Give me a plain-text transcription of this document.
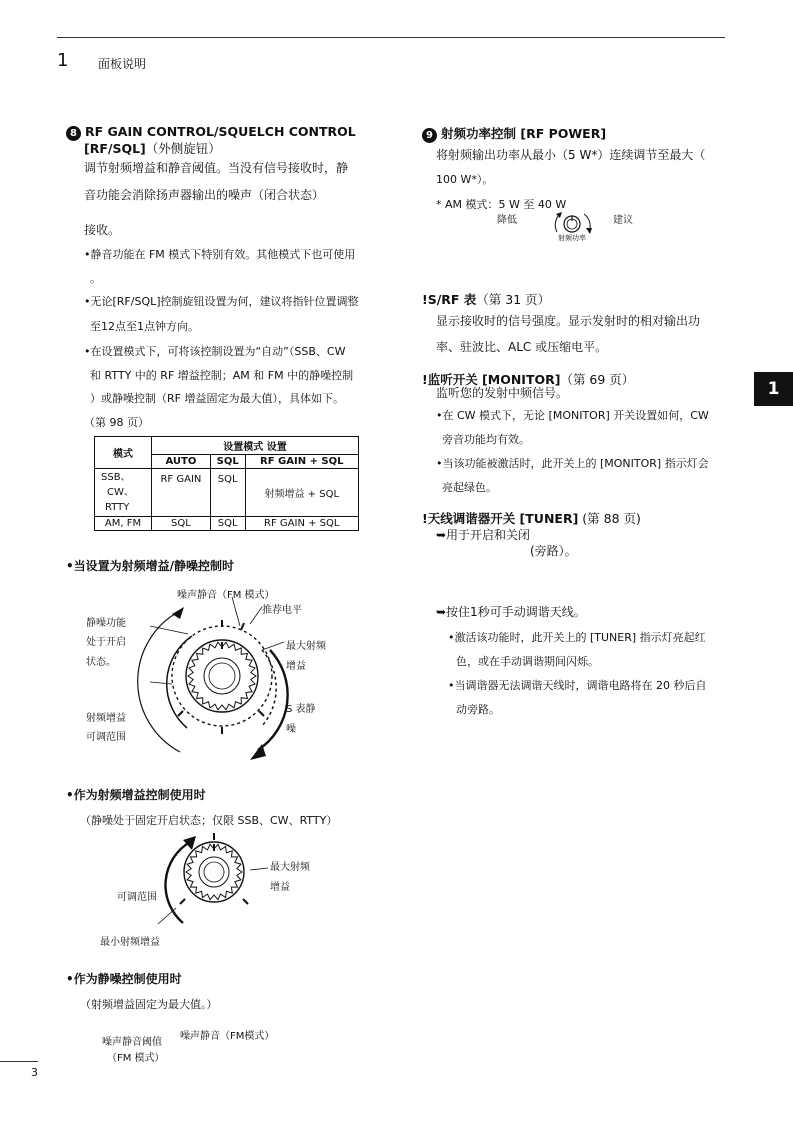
1 面板说明
1
8 RF GAIN CONTROL/SQUELCH CONTROL
[RF/SQL]（外侧旋钮）
调节射频增益和静音阈值。当没有信号接收时，静
音功能会消除扬声器输出的噪声（闭合状态）
接收。
•静音功能在 FM 模式下特别有效。其他模式下也可使用
。
•无论[RF/SQL]控制旋钮设置为何，建议将指针位置调整
至12点至1点钟方向。
•在设置模式下，可将该控制设置为“自动”（SSB、CW
和 RTTY 中的 RF 增益控制；AM 和 FM 中的静噪控制
）或静噪控制（RF 增益固定为最大值），具体如下。
（第 98 页）
模式	设置模式 设置		
	AUTO	SQL	RF GAIN + SQL

SSB、
CW、
RTTY	RF GAIN	SQL	射频增益 + SQL
AM, FM	SQL	SQL	RF GAIN + SQL
•当设置为射频增益/静噪控制时
噪声静音（FM 模式）
推荐电平
静噪功能
处于开启
状态。
最大射频
增益
S 表静
噪
射频增益
可调范围
•作为射频增益控制使用时
（静噪处于固定开启状态；仅限 SSB、CW、RTTY）
最大射频
增益
可调范围
最小射频增益
•作为静噪控制使用时
（射频增益固定为最大值。）
噪声静音阈值
（FM 模式）
噪声静音（FM模式）
9 射频功率控制 [RF POWER]
将射频输出功率从最小（5 W*）连续调节至最大（
100 W*）。
* AM 模式：5 W 至 40 W
降低	建议
射频功率
!S/RF 表（第 31 页）
显示接收时的信号强度。显示发射时的相对输出功
率、驻波比、ALC 或压缩电平。
!监听开关 [MONITOR]（第 69 页）
监听您的发射中频信号。
•在 CW 模式下，无论 [MONITOR] 开关设置如何，CW
旁音功能均有效。
•当该功能被激活时，此开关上的 [MONITOR] 指示灯会
亮起绿色。
!天线调谐器开关 [TUNER] (第 88 页)
➥用于开启和关闭
(旁路）。
➥按住1秒可手动调谐天线。
•激活该功能时，此开关上的 [TUNER] 指示灯亮起红
色，或在手动调谐期间闪烁。
•当调谐器无法调谐天线时，调谐电路将在 20 秒后自
动旁路。
3
